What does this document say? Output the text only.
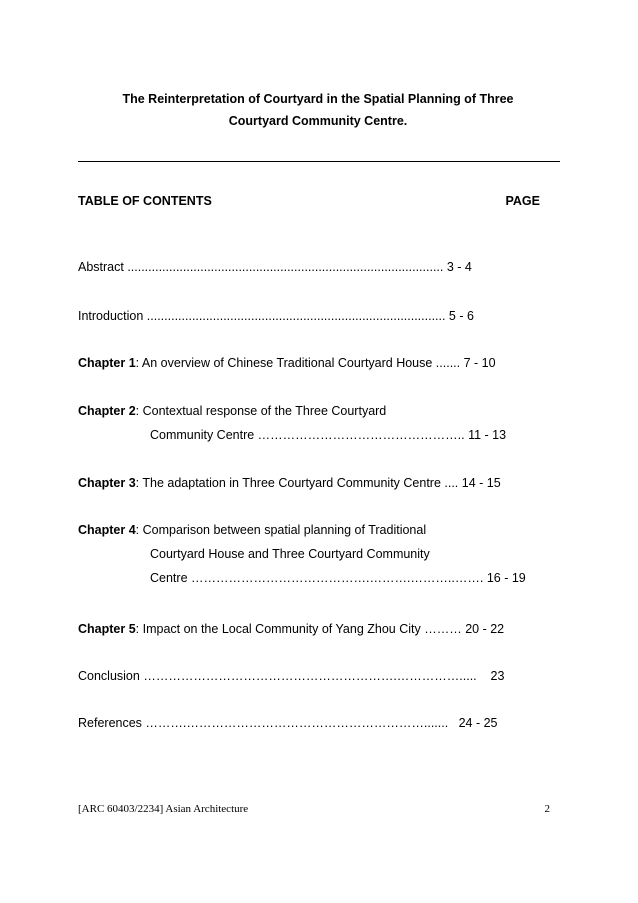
The Reinterpretation of Courtyard in the Spatial Planning of Three
Courtyard Community Centre.
TABLE OF CONTENTS	PAGE
Abstract ........................................................................................... 3 - 4
Introduction ...................................................................................... 5 - 6
Chapter 1: An overview of Chinese Traditional Courtyard House ....... 7 - 10
Chapter 2: Contextual response of the Three Courtyard
Community Centre ………………………………………….. 11 - 13
Chapter 3: The adaptation in Three Courtyard Community Centre .... 14 - 15
Chapter 4: Comparison between spatial planning of Traditional
Courtyard House and Three Courtyard Community
Centre …………………………………….……….………..……. 16 - 19
Chapter 5: Impact on the Local Community of Yang Zhou City ……… 20 - 22
Conclusion …………………………………………………….…………….....    23
References ……….………………………………………………….......   24 - 25
[ARC 60403/2234] Asian Architecture	2
